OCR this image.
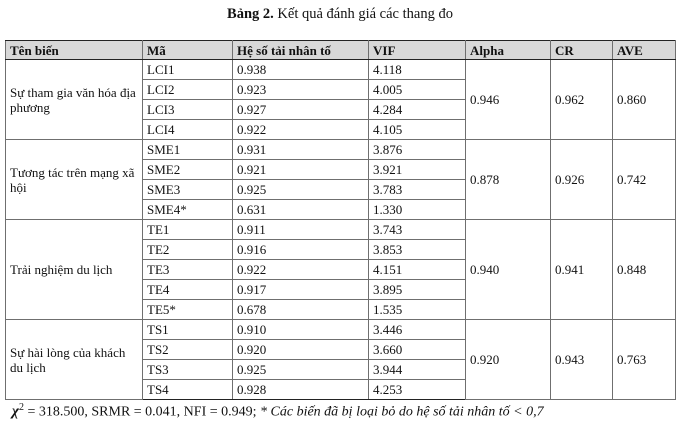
Bảng 2. Kết quả đánh giá các thang đo
Tên biến	Mã	Hệ số tải nhân tố	VIF	Alpha	CR	AVE
Sự tham gia văn hóa địa phương	LCI1	0.938	4.118	0.946	0.962	0.860
	LCI2	0.923	4.005			
	LCI3	0.927	4.284			
	LCI4	0.922	4.105			
Tương tác trên mạng xã hội	SME1	0.931	3.876	0.878	0.926	0.742
	SME2	0.921	3.921			
	SME3	0.925	3.783			
	SME4*	0.631	1.330			
Trải nghiệm du lịch	TE1	0.911	3.743	0.940	0.941	0.848
	TE2	0.916	3.853			
	TE3	0.922	4.151			
	TE4	0.917	3.895			
	TE5*	0.678	1.535			
Sự hài lòng của khách du lịch	TS1	0.910	3.446	0.920	0.943	0.763
	TS2	0.920	3.660			
	TS3	0.925	3.944			
	TS4	0.928	4.253			
$\chi^2 = 318.500$, SRMR = 0.041, NFI = 0.949; * Các biến đã bị loại bỏ do hệ số tải nhân tố < 0,7
